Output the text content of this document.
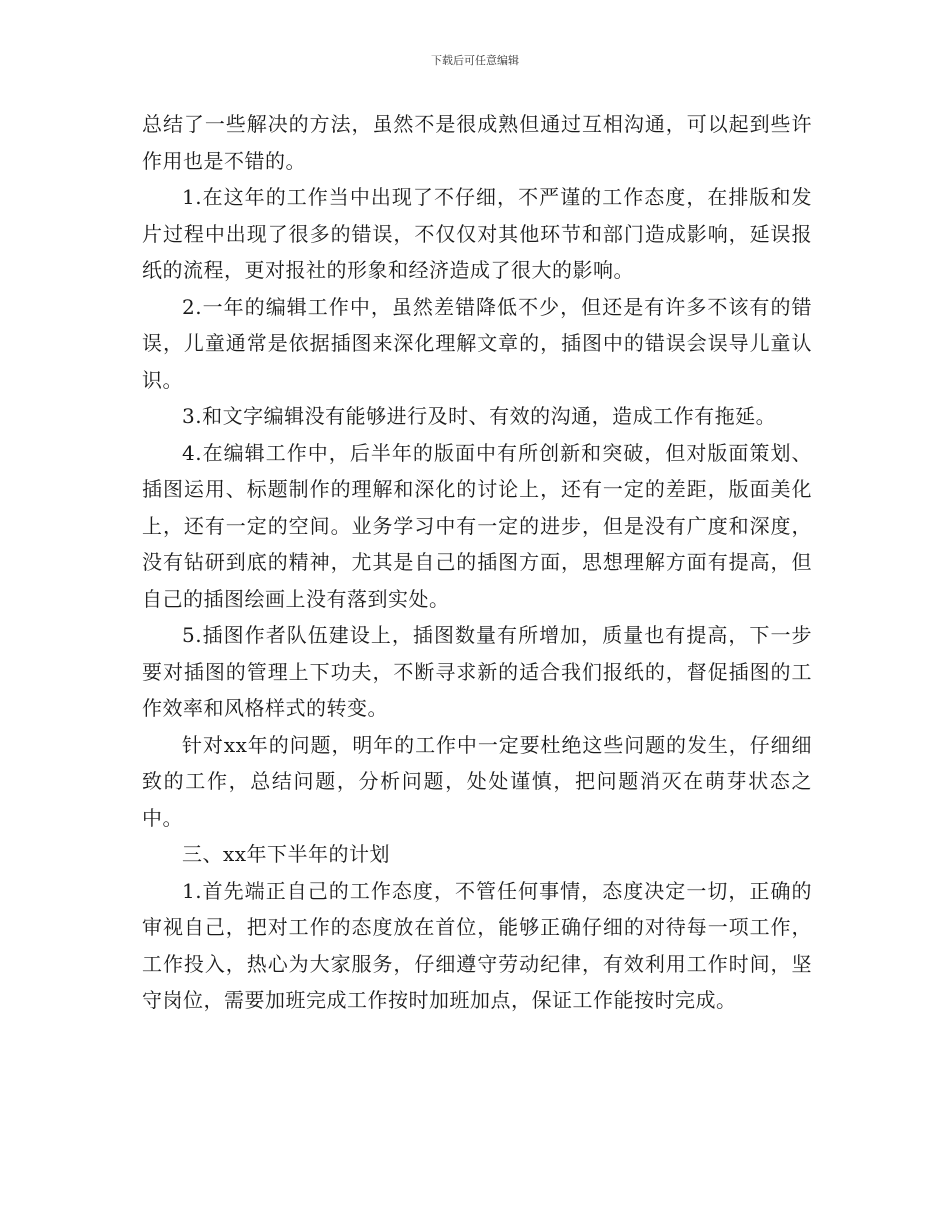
下载后可任意编辑

总结了一些解决的方法，虽然不是很成熟但通过互相沟通，可以起到些许作用也是不错的。

1.在这年的工作当中出现了不仔细，不严谨的工作态度，在排版和发片过程中出现了很多的错误，不仅仅对其他环节和部门造成影响，延误报纸的流程，更对报社的形象和经济造成了很大的影响。

2.一年的编辑工作中，虽然差错降低不少，但还是有许多不该有的错误，儿童通常是依据插图来深化理解文章的，插图中的错误会误导儿童认识。

3.和文字编辑没有能够进行及时、有效的沟通，造成工作有拖延。

4.在编辑工作中，后半年的版面中有所创新和突破，但对版面策划、插图运用、标题制作的理解和深化的讨论上，还有一定的差距，版面美化上，还有一定的空间。业务学习中有一定的进步，但是没有广度和深度，没有钻研到底的精神，尤其是自己的插图方面，思想理解方面有提高，但自己的插图绘画上没有落到实处。

5.插图作者队伍建设上，插图数量有所增加，质量也有提高，下一步要对插图的管理上下功夫，不断寻求新的适合我们报纸的，督促插图的工作效率和风格样式的转变。

针对xx年的问题，明年的工作中一定要杜绝这些问题的发生，仔细细致的工作，总结问题，分析问题，处处谨慎，把问题消灭在萌芽状态之中。

三、xx年下半年的计划

1.首先端正自己的工作态度，不管任何事情，态度决定一切，正确的审视自己，把对工作的态度放在首位，能够正确仔细的对待每一项工作，工作投入，热心为大家服务，仔细遵守劳动纪律，有效利用工作时间，坚守岗位，需要加班完成工作按时加班加点，保证工作能按时完成。
